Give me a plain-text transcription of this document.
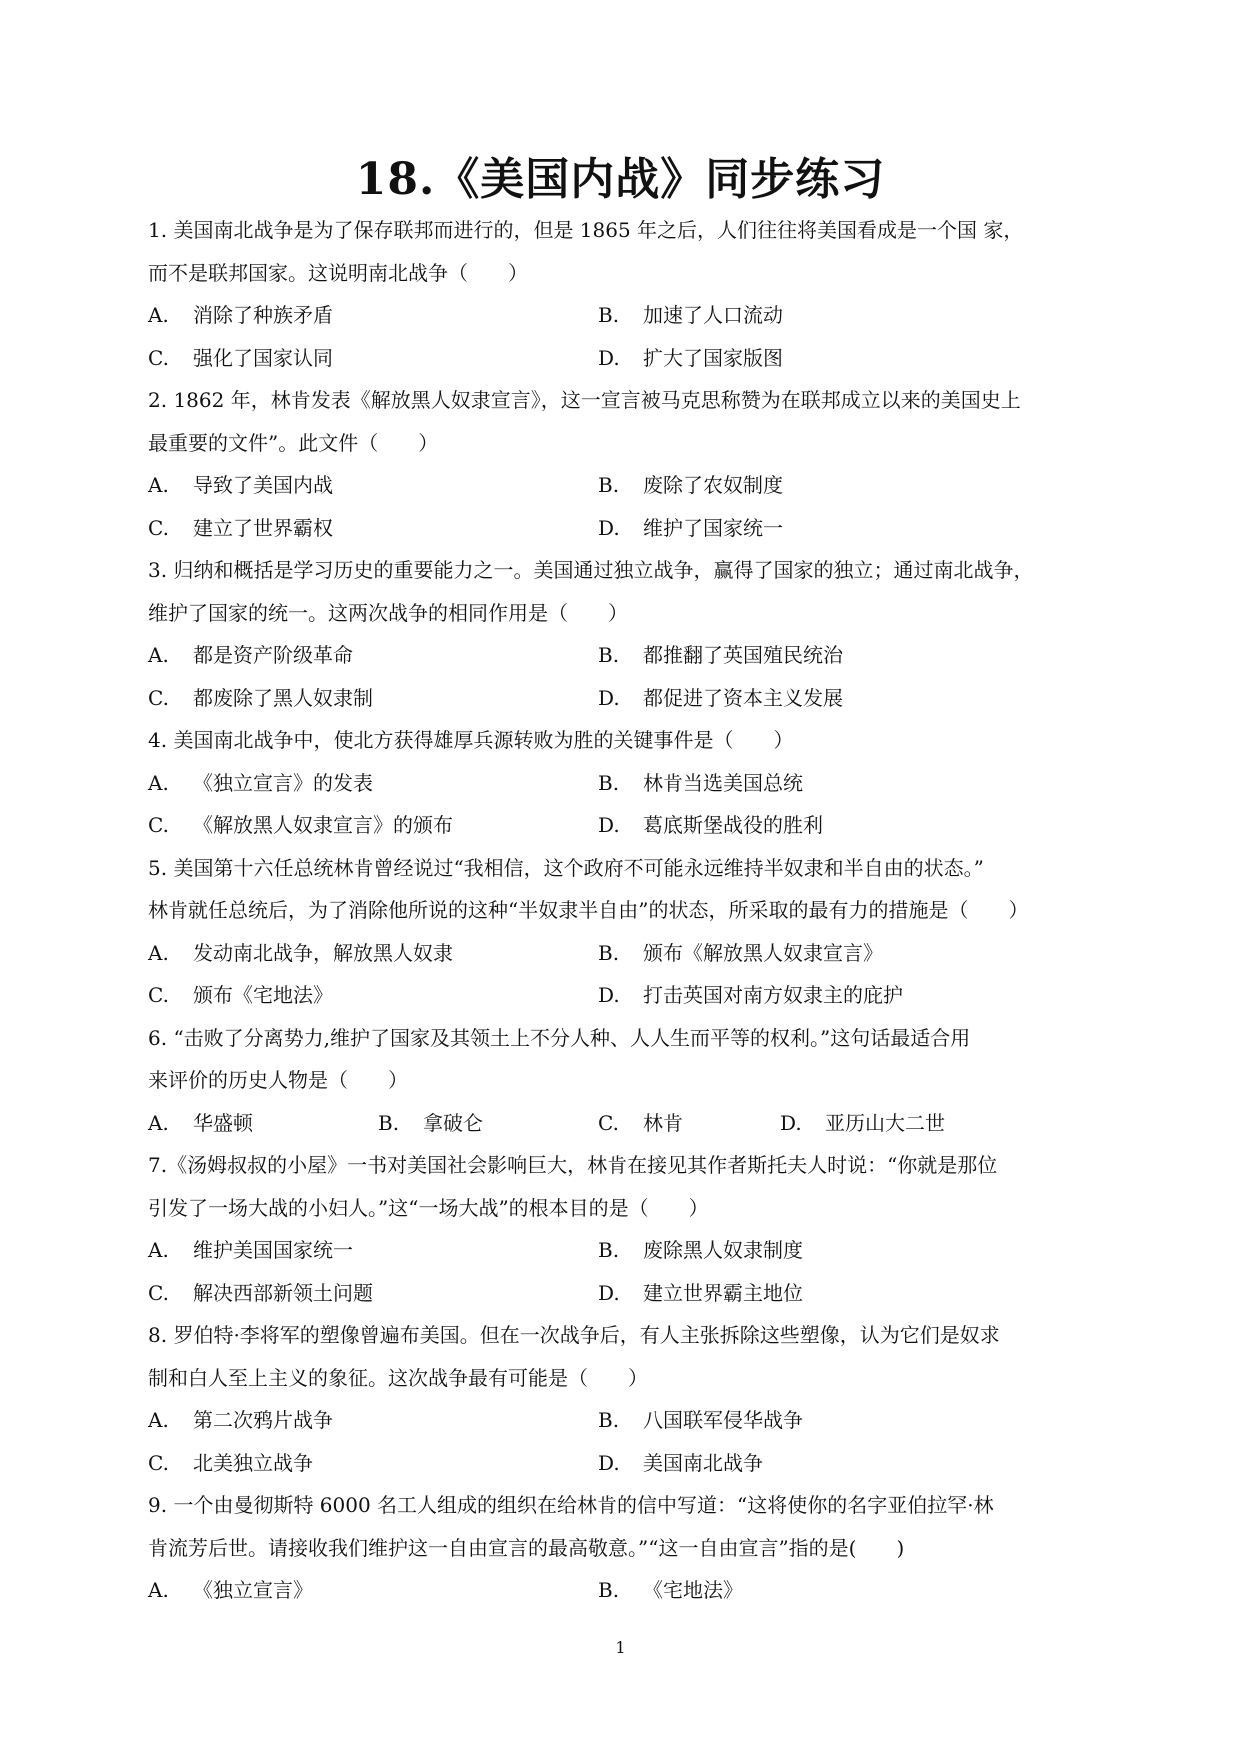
18.《美国内战》同步练习
1. 美国南北战争是为了保存联邦而进行的，但是 1865 年之后，人们往往将美国看成是一个国 家，
而不是联邦国家。这说明南北战争（　　）
A. 消除了种族矛盾	B. 加速了人口流动
C. 强化了国家认同	D. 扩大了国家版图
2. 1862 年，林肯发表《解放黑人奴隶宣言》，这一宣言被马克思称赞为在联邦成立以来的美国史上
最重要的文件”。此文件（　　）
A. 导致了美国内战	B. 废除了农奴制度
C. 建立了世界霸权	D. 维护了国家统一
3. 归纳和概括是学习历史的重要能力之一。美国通过独立战争，赢得了国家的独立；通过南北战争，
维护了国家的统一。这两次战争的相同作用是（　　）
A. 都是资产阶级革命	B. 都推翻了英国殖民统治
C. 都废除了黑人奴隶制	D. 都促进了资本主义发展
4. 美国南北战争中，使北方获得雄厚兵源转败为胜的关键事件是（　　）
A. 《独立宣言》的发表	B. 林肯当选美国总统
C. 《解放黑人奴隶宣言》的颁布	D. 葛底斯堡战役的胜利
5. 美国第十六任总统林肯曾经说过“我相信，这个政府不可能永远维持半奴隶和半自由的状态。”
林肯就任总统后，为了消除他所说的这种“半奴隶半自由”的状态，所采取的最有力的措施是（　　）
A. 发动南北战争，解放黑人奴隶	B. 颁布《解放黑人奴隶宣言》
C. 颁布《宅地法》	D. 打击英国对南方奴隶主的庇护
6. “击败了分离势力,维护了国家及其领土上不分人种、人人生而平等的权利。”这句话最适合用
来评价的历史人物是（　　）
A. 华盛顿	B. 拿破仑	C. 林肯	D. 亚历山大二世
7.《汤姆叔叔的小屋》一书对美国社会影响巨大，林肯在接见其作者斯托夫人时说：“你就是那位
引发了一场大战的小妇人。”这“一场大战”的根本目的是（　　）
A. 维护美国国家统一	B. 废除黑人奴隶制度
C. 解决西部新领土问题	D. 建立世界霸主地位
8. 罗伯特·李将军的塑像曾遍布美国。但在一次战争后，有人主张拆除这些塑像，认为它们是奴求
制和白人至上主义的象征。这次战争最有可能是（　　）
A. 第二次鸦片战争	B. 八国联军侵华战争
C. 北美独立战争	D. 美国南北战争
9. 一个由曼彻斯特 6000 名工人组成的组织在给林肯的信中写道：“这将使你的名字亚伯拉罕·林
肯流芳后世。请接收我们维护这一自由宣言的最高敬意。”“这一自由宣言”指的是(　　)
A. 《独立宣言》	B. 《宅地法》
1
